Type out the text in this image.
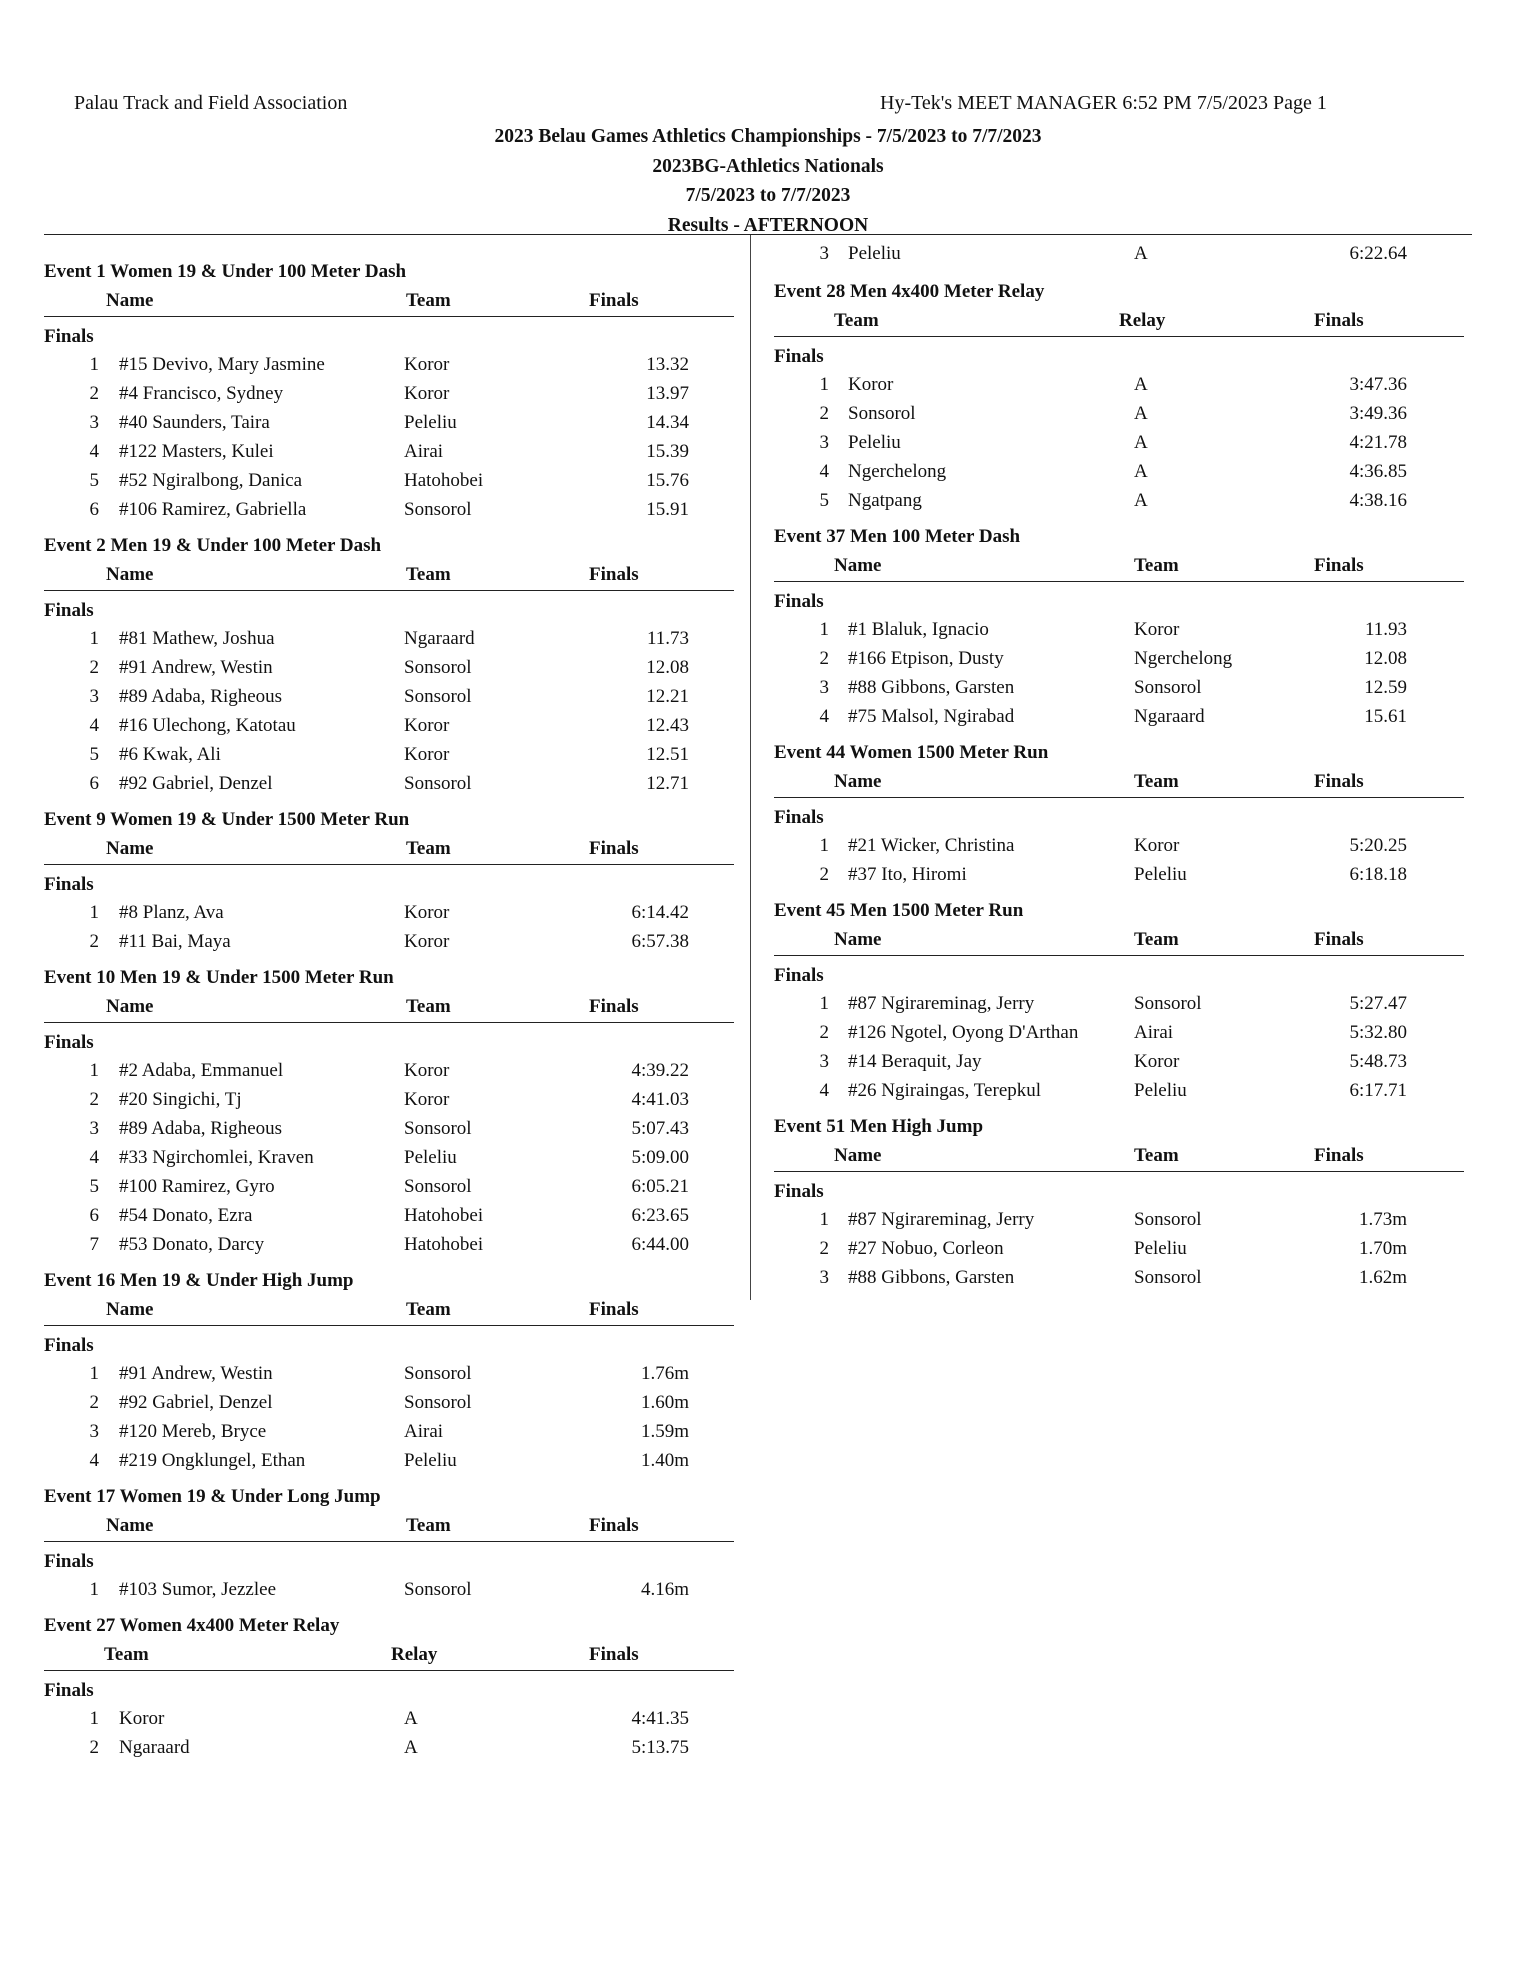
Palau Track and Field Association	Hy-Tek's MEET MANAGER 6:52 PM 7/5/2023 Page 1
2023 Belau Games Athletics Championships - 7/5/2023 to 7/7/2023
2023BG-Athletics Nationals
7/5/2023 to 7/7/2023
Results - AFTERNOON
Event 1 Women 19 & Under 100 Meter Dash
Name	Team	Finals
Finals
1 #15 Devivo, Mary Jasmine	Koror	13.32
2 #4 Francisco, Sydney	Koror	13.97
3 #40 Saunders, Taira	Peleliu	14.34
4 #122 Masters, Kulei	Airai	15.39
5 #52 Ngiralbong, Danica	Hatohobei	15.76
6 #106 Ramirez, Gabriella	Sonsorol	15.91
Event 2 Men 19 & Under 100 Meter Dash
Name	Team	Finals
Finals
1 #81 Mathew, Joshua	Ngaraard	11.73
2 #91 Andrew, Westin	Sonsorol	12.08
3 #89 Adaba, Righeous	Sonsorol	12.21
4 #16 Ulechong, Katotau	Koror	12.43
5 #6 Kwak, Ali	Koror	12.51
6 #92 Gabriel, Denzel	Sonsorol	12.71
Event 9 Women 19 & Under 1500 Meter Run
Name	Team	Finals
Finals
1 #8 Planz, Ava	Koror	6:14.42
2 #11 Bai, Maya	Koror	6:57.38
Event 10 Men 19 & Under 1500 Meter Run
Name	Team	Finals
Finals
1 #2 Adaba, Emmanuel	Koror	4:39.22
2 #20 Singichi, Tj	Koror	4:41.03
3 #89 Adaba, Righeous	Sonsorol	5:07.43
4 #33 Ngirchomlei, Kraven	Peleliu	5:09.00
5 #100 Ramirez, Gyro	Sonsorol	6:05.21
6 #54 Donato, Ezra	Hatohobei	6:23.65
7 #53 Donato, Darcy	Hatohobei	6:44.00
Event 16 Men 19 & Under High Jump
Name	Team	Finals
Finals
1 #91 Andrew, Westin	Sonsorol	1.76m
2 #92 Gabriel, Denzel	Sonsorol	1.60m
3 #120 Mereb, Bryce	Airai	1.59m
4 #219 Ongklungel, Ethan	Peleliu	1.40m
Event 17 Women 19 & Under Long Jump
Name	Team	Finals
Finals
1 #103 Sumor, Jezzlee	Sonsorol	4.16m
Event 27 Women 4x400 Meter Relay
Team	Relay	Finals
Finals
1 Koror	A	4:41.35
2 Ngaraard	A	5:13.75
3 Peleliu	A	6:22.64
Event 28 Men 4x400 Meter Relay
Team	Relay	Finals
Finals
1 Koror	A	3:47.36
2 Sonsorol	A	3:49.36
3 Peleliu	A	4:21.78
4 Ngerchelong	A	4:36.85
5 Ngatpang	A	4:38.16
Event 37 Men 100 Meter Dash
Name	Team	Finals
Finals
1 #1 Blaluk, Ignacio	Koror	11.93
2 #166 Etpison, Dusty	Ngerchelong	12.08
3 #88 Gibbons, Garsten	Sonsorol	12.59
4 #75 Malsol, Ngirabad	Ngaraard	15.61
Event 44 Women 1500 Meter Run
Name	Team	Finals
Finals
1 #21 Wicker, Christina	Koror	5:20.25
2 #37 Ito, Hiromi	Peleliu	6:18.18
Event 45 Men 1500 Meter Run
Name	Team	Finals
Finals
1 #87 Ngirareminag, Jerry	Sonsorol	5:27.47
2 #126 Ngotel, Oyong D'Arthan	Airai	5:32.80
3 #14 Beraquit, Jay	Koror	5:48.73
4 #26 Ngiraingas, Terepkul	Peleliu	6:17.71
Event 51 Men High Jump
Name	Team	Finals
Finals
1 #87 Ngirareminag, Jerry	Sonsorol	1.73m
2 #27 Nobuo, Corleon	Peleliu	1.70m
3 #88 Gibbons, Garsten	Sonsorol	1.62m
